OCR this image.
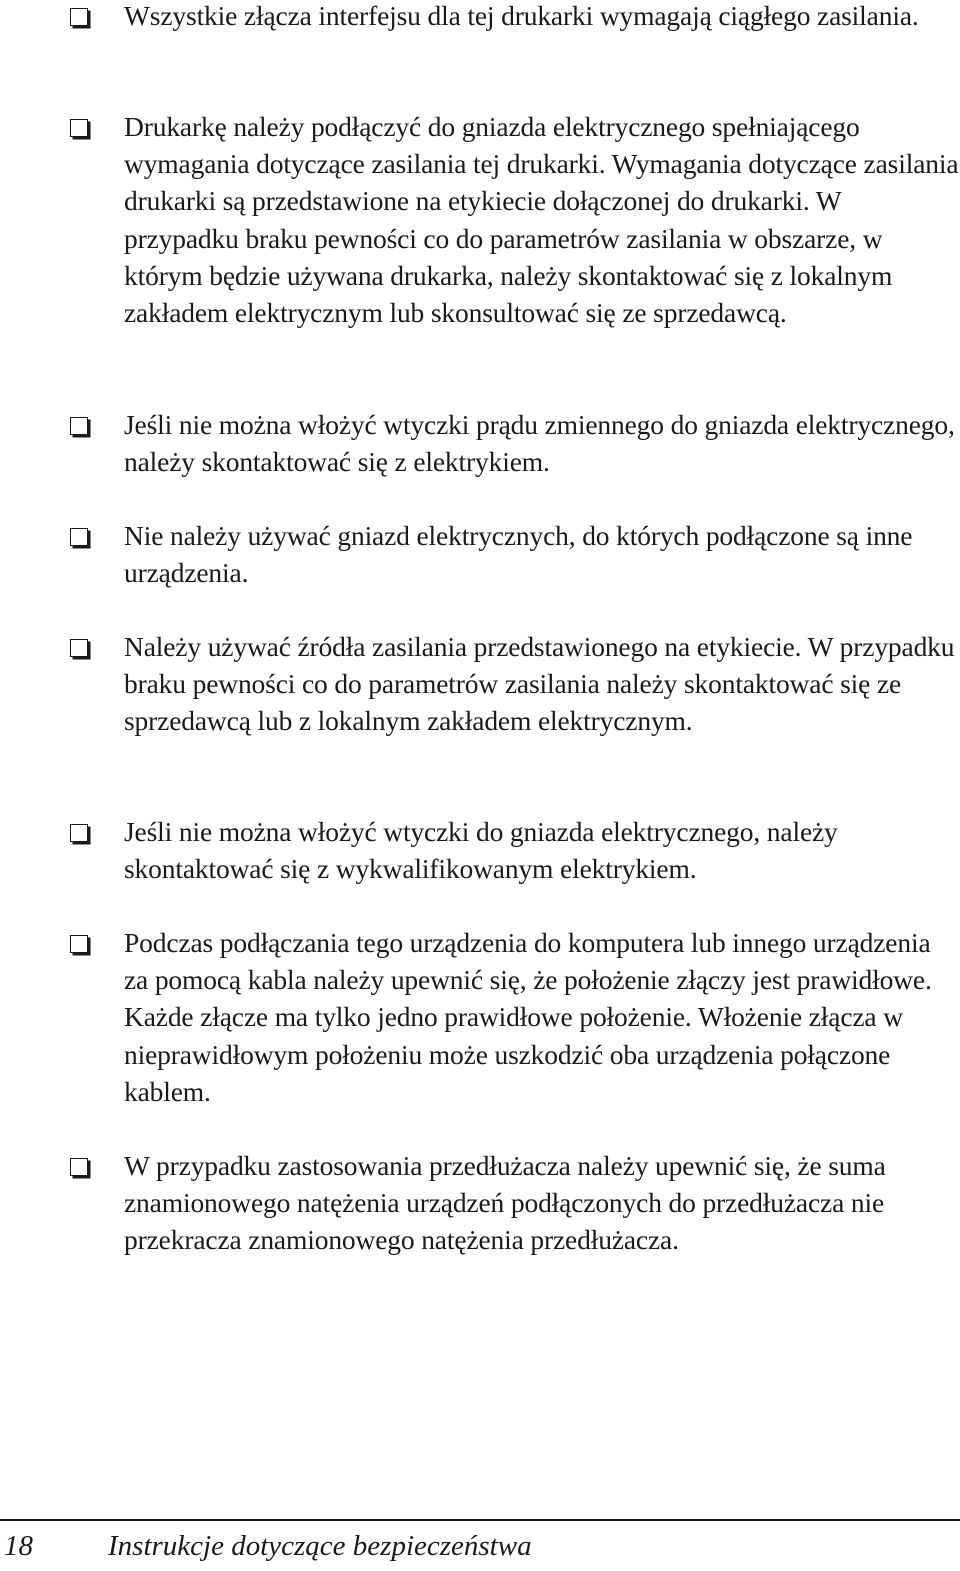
Wszystkie złącza interfejsu dla tej drukarki wymagają ciągłego zasilania.

Drukarkę należy podłączyć do gniazda elektrycznego spełniającego wymagania dotyczące zasilania tej drukarki. Wymagania dotyczące zasilania drukarki są przedstawione na etykiecie dołączonej do drukarki. W przypadku braku pewności co do parametrów zasilania w obszarze, w którym będzie używana drukarka, należy skontaktować się z lokalnym zakładem elektrycznym lub skonsultować się ze sprzedawcą.

Jeśli nie można włożyć wtyczki prądu zmiennego do gniazda elektrycznego, należy skontaktować się z elektrykiem.

Nie należy używać gniazd elektrycznych, do których podłączone są inne urządzenia.

Należy używać źródła zasilania przedstawionego na etykiecie. W przypadku braku pewności co do parametrów zasilania należy skontaktować się ze sprzedawcą lub z lokalnym zakładem elektrycznym.

Jeśli nie można włożyć wtyczki do gniazda elektrycznego, należy skontaktować się z wykwalifikowanym elektrykiem.

Podczas podłączania tego urządzenia do komputera lub innego urządzenia za pomocą kabla należy upewnić się, że położenie złączy jest prawidłowe. Każde złącze ma tylko jedno prawidłowe położenie. Włożenie złącza w nieprawidłowym położeniu może uszkodzić oba urządzenia połączone kablem.

W przypadku zastosowania przedłużacza należy upewnić się, że suma znamionowego natężenia urządzeń podłączonych do przedłużacza nie przekracza znamionowego natężenia przedłużacza.

18	Instrukcje dotyczące bezpieczeństwa
